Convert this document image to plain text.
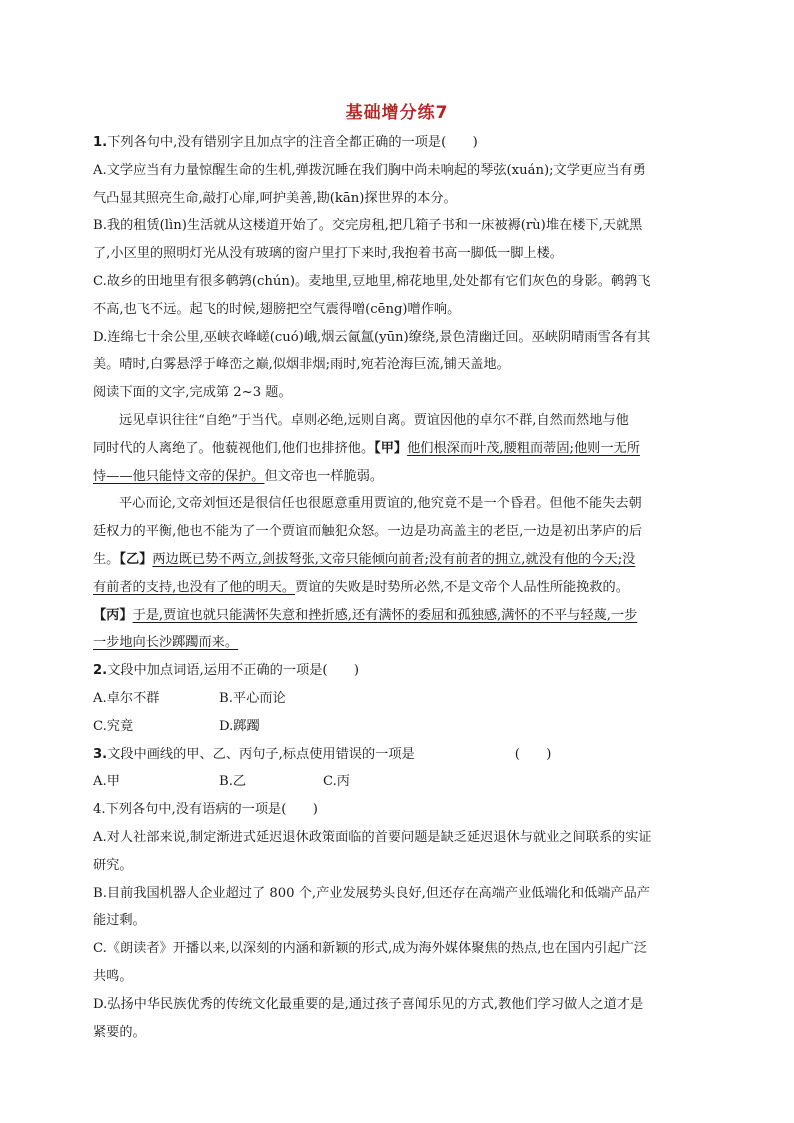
基础增分练7
1.下列各句中,没有错别字且加点字的注音全都正确的一项是(　　)
A.文学应当有力量惊醒生命的生机,弹拨沉睡在我们胸中尚未响起的琴弦(xuán);文学更应当有勇
气凸显其照亮生命,敲打心扉,呵护美善,勘(kān)探世界的本分。
B.我的租赁(lìn)生活就从这楼道开始了。交完房租,把几箱子书和一床被褥(rù)堆在楼下,天就黑
了,小区里的照明灯光从没有玻璃的窗户里打下来时,我抱着书高一脚低一脚上楼。
C.故乡的田地里有很多鹌鹑(chún)。麦地里,豆地里,棉花地里,处处都有它们灰色的身影。鹌鹑飞
不高,也飞不远。起飞的时候,翅膀把空气震得噌(cēng)噌作响。
D.连绵七十余公里,巫峡衣峰嵯(cuó)峨,烟云氤氲(yūn)缭绕,景色清幽迁回。巫峡阴晴雨雪各有其
美。晴时,白雾悬浮于峰峦之巅,似烟非烟;雨时,宛若沧海巨流,铺天盖地。
阅读下面的文字,完成第 2~3 题。
远见卓识往往“自绝”于当代。卓则必绝,远则自离。贾谊因他的卓尔不群,自然而然地与他
同时代的人离绝了。他藐视他们,他们也排挤他。【甲】他们根深而叶茂,腰粗而蒂固;他则一无所
恃——他只能恃文帝的保护。但文帝也一样脆弱。
平心而论,文帝刘恒还是很信任也很愿意重用贾谊的,他究竟不是一个昏君。但他不能失去朝
廷权力的平衡,他也不能为了一个贾谊而触犯众怒。一边是功高盖主的老臣,一边是初出茅庐的后
生。【乙】两边既已势不两立,剑拔弩张,文帝只能倾向前者;没有前者的拥立,就没有他的今天;没
有前者的支持,也没有了他的明天。贾谊的失败是时势所必然,不是文帝个人品性所能挽救的。
【丙】于是,贾谊也就只能满怀失意和挫折感,还有满怀的委屈和孤独感,满怀的不平与轻蔑,一步
一步地向长沙踯躅而来。
2.文段中加点词语,运用不正确的一项是(　　)
A.卓尔不群	B.平心而论
C.究竟	D.踯躅
3.文段中画线的甲、乙、丙句子,标点使用错误的一项是	(　　)
A.甲	B.乙	C.丙
4.下列各句中,没有语病的一项是(　　)
A.对人社部来说,制定渐进式延迟退休政策面临的首要问题是缺乏延迟退休与就业之间联系的实证
研究。
B.目前我国机器人企业超过了 800 个,产业发展势头良好,但还存在高端产业低端化和低端产品产
能过剩。
C.《朗读者》开播以来,以深刻的内涵和新颖的形式,成为海外媒体聚焦的热点,也在国内引起广泛
共鸣。
D.弘扬中华民族优秀的传统文化最重要的是,通过孩子喜闻乐见的方式,教他们学习做人之道才是
紧要的。
